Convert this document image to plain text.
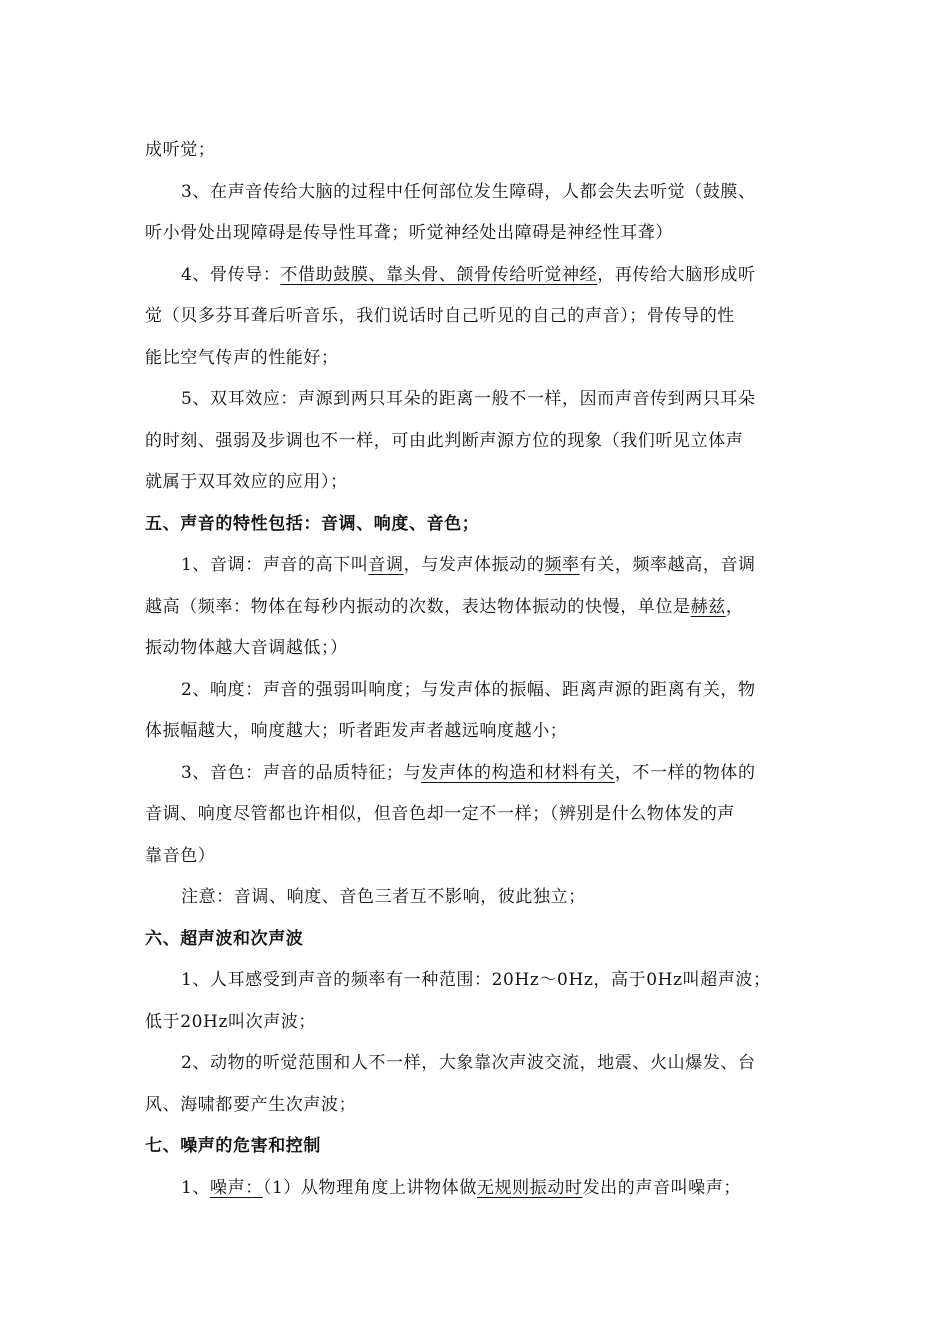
成听觉；
3、在声音传给大脑的过程中任何部位发生障碍，人都会失去听觉（鼓膜、
听小骨处出现障碍是传导性耳聋；听觉神经处出障碍是神经性耳聋）
4、骨传导：不借助鼓膜、靠头骨、颌骨传给听觉神经，再传给大脑形成听
觉（贝多芬耳聋后听音乐，我们说话时自己听见的自己的声音）；骨传导的性
能比空气传声的性能好；
5、双耳效应：声源到两只耳朵的距离一般不一样，因而声音传到两只耳朵
的时刻、强弱及步调也不一样，可由此判断声源方位的现象（我们听见立体声
就属于双耳效应的应用）；
五、声音的特性包括：音调、响度、音色；
1、音调：声音的高下叫音调，与发声体振动的频率有关，频率越高，音调
越高（频率：物体在每秒内振动的次数，表达物体振动的快慢，单位是赫兹，
振动物体越大音调越低；）
2、响度：声音的强弱叫响度；与发声体的振幅、距离声源的距离有关，物
体振幅越大，响度越大；听者距发声者越远响度越小；
3、音色：声音的品质特征；与发声体的构造和材料有关，不一样的物体的
音调、响度尽管都也许相似，但音色却一定不一样；（辨别是什么物体发的声
靠音色）
注意：音调、响度、音色三者互不影响，彼此独立；
六、超声波和次声波
1、人耳感受到声音的频率有一种范围：20Hz～0Hz，高于0Hz叫超声波；
低于20Hz叫次声波；
2、动物的听觉范围和人不一样，大象靠次声波交流，地震、火山爆发、台
风、海啸都要产生次声波；
七、噪声的危害和控制
1、噪声：（1）从物理角度上讲物体做无规则振动时发出的声音叫噪声；
